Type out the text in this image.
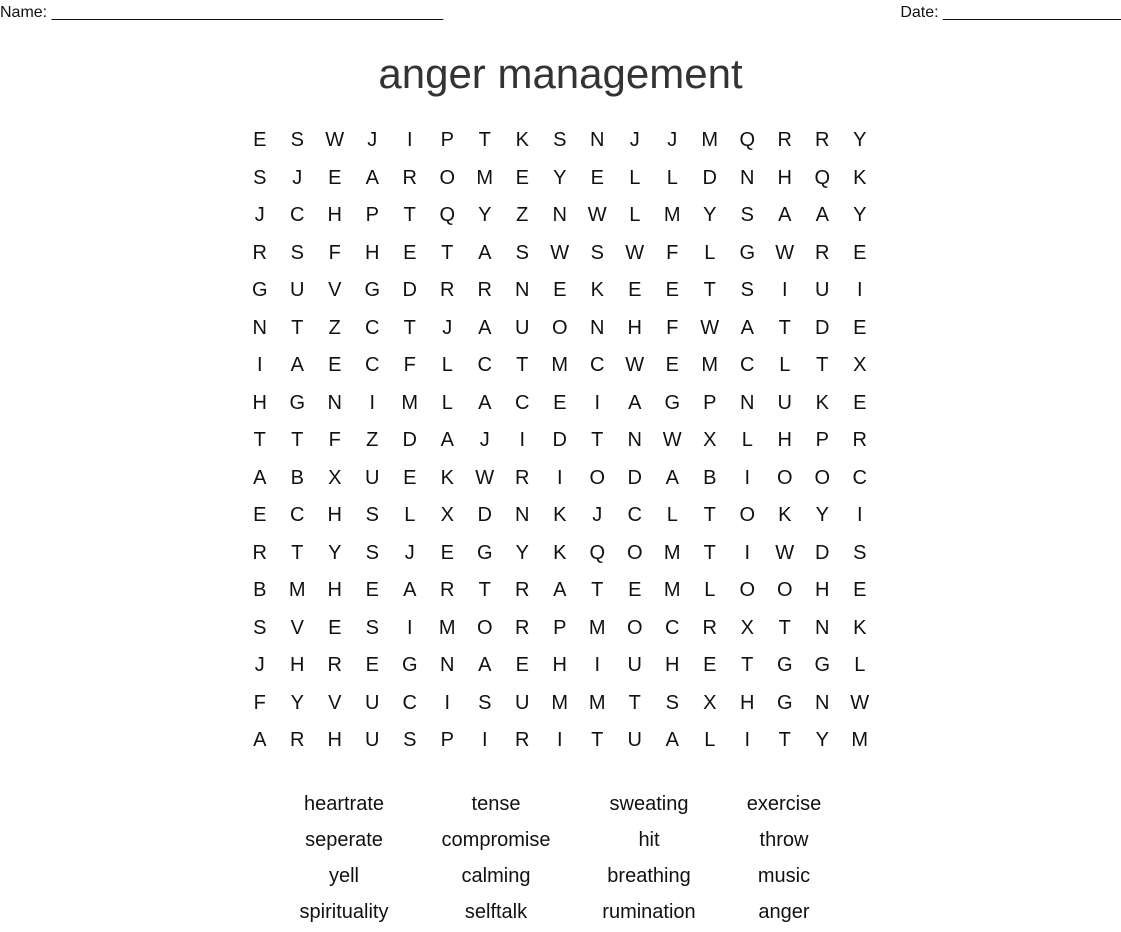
Name: ____________________________________________	Date: ____________________
anger management
E	S	W	J	I	P	T	K	S	N	J	J	M	Q	R	R	Y
S	J	E	A	R	O	M	E	Y	E	L	L	D	N	H	Q	K
J	C	H	P	T	Q	Y	Z	N	W	L	M	Y	S	A	A	Y
R	S	F	H	E	T	A	S	W	S	W	F	L	G	W	R	E
G	U	V	G	D	R	R	N	E	K	E	E	T	S	I	U	I
N	T	Z	C	T	J	A	U	O	N	H	F	W	A	T	D	E
I	A	E	C	F	L	C	T	M	C	W	E	M	C	L	T	X
H	G	N	I	M	L	A	C	E	I	A	G	P	N	U	K	E
T	T	F	Z	D	A	J	I	D	T	N	W	X	L	H	P	R
A	B	X	U	E	K	W	R	I	O	D	A	B	I	O	O	C
E	C	H	S	L	X	D	N	K	J	C	L	T	O	K	Y	I
R	T	Y	S	J	E	G	Y	K	Q	O	M	T	I	W	D	S
B	M	H	E	A	R	T	R	A	T	E	M	L	O	O	H	E
S	V	E	S	I	M	O	R	P	M	O	C	R	X	T	N	K
J	H	R	E	G	N	A	E	H	I	U	H	E	T	G	G	L
F	Y	V	U	C	I	S	U	M	M	T	S	X	H	G	N	W
A	R	H	U	S	P	I	R	I	T	U	A	L	I	T	Y	M
heartrate	tense	sweating	exercise
seperate	compromise	hit	throw
yell	calming	breathing	music
spirituality	selftalk	rumination	anger
